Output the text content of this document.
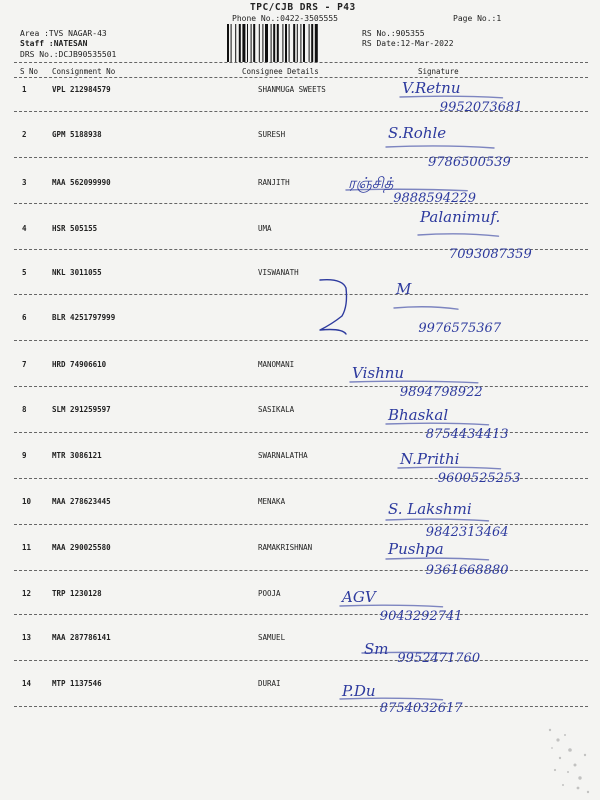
TPC/CJB DRS - P43
Phone No.:0422-3505555	Page No.:1
Area :TVS NAGAR-43
Staff :NATESAN
DRS No.:DCJB90535501
RS No.:905355
RS Date:12-Mar-2022
S No Consignment No	Consignee Details	Signature
1	VPL 212984579	SHANMUGA SWEETS	V.Retnu
9952073681
2	GPM 5188938	SURESH	S.Rohle
9786500539
3	MAA 562099990	RANJITH	ரஞ்சித்
9888594229
4	HSR 505155	UMA
Palanimuf.
7093087359
5	NKL 3011055	VISWANATH
6	BLR 4251797999
M
9976575367
7	HRD 74906610	MANOMANI	Vishnu
9894798922
8	SLM 291259597	SASIKALA	Bhaskal
8754434413
9	MTR 3086121	SWARNALATHA	N.Prithi
9600525253
10	MAA 278623445	MENAKA	S. Lakshmi
9842313464
11	MAA 290025580	RAMAKRISHNAN	Pushpa
9361668880
12	TRP 1230128	POOJA	AGV
9043292741
13	MAA 287786141	SAMUEL
Sm
9952471760
14	MTP 1137546	DURAI	P.Du
8754032617
